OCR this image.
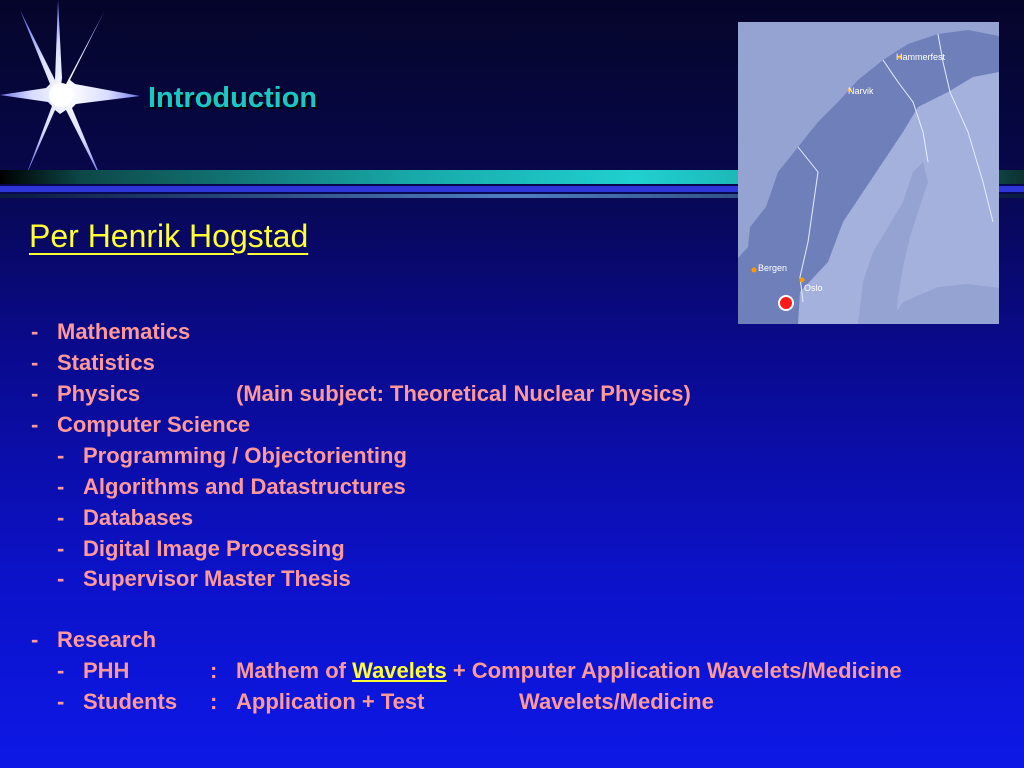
Introduction
Hammerfest
Narvik
Bergen
Oslo
Per Henrik Hogstad
- Mathematics
- Statistics
- Physics	(Main subject: Theoretical Nuclear Physics)
- Computer Science
- Programming / Objectorienting
- Algorithms and Datastructures
- Databases
- Digital Image Processing
- Supervisor Master Thesis
- Research
- PHH	: Mathem of Wavelets + Computer Application Wavelets/Medicine
- Students : Application + Test	Wavelets/Medicine
